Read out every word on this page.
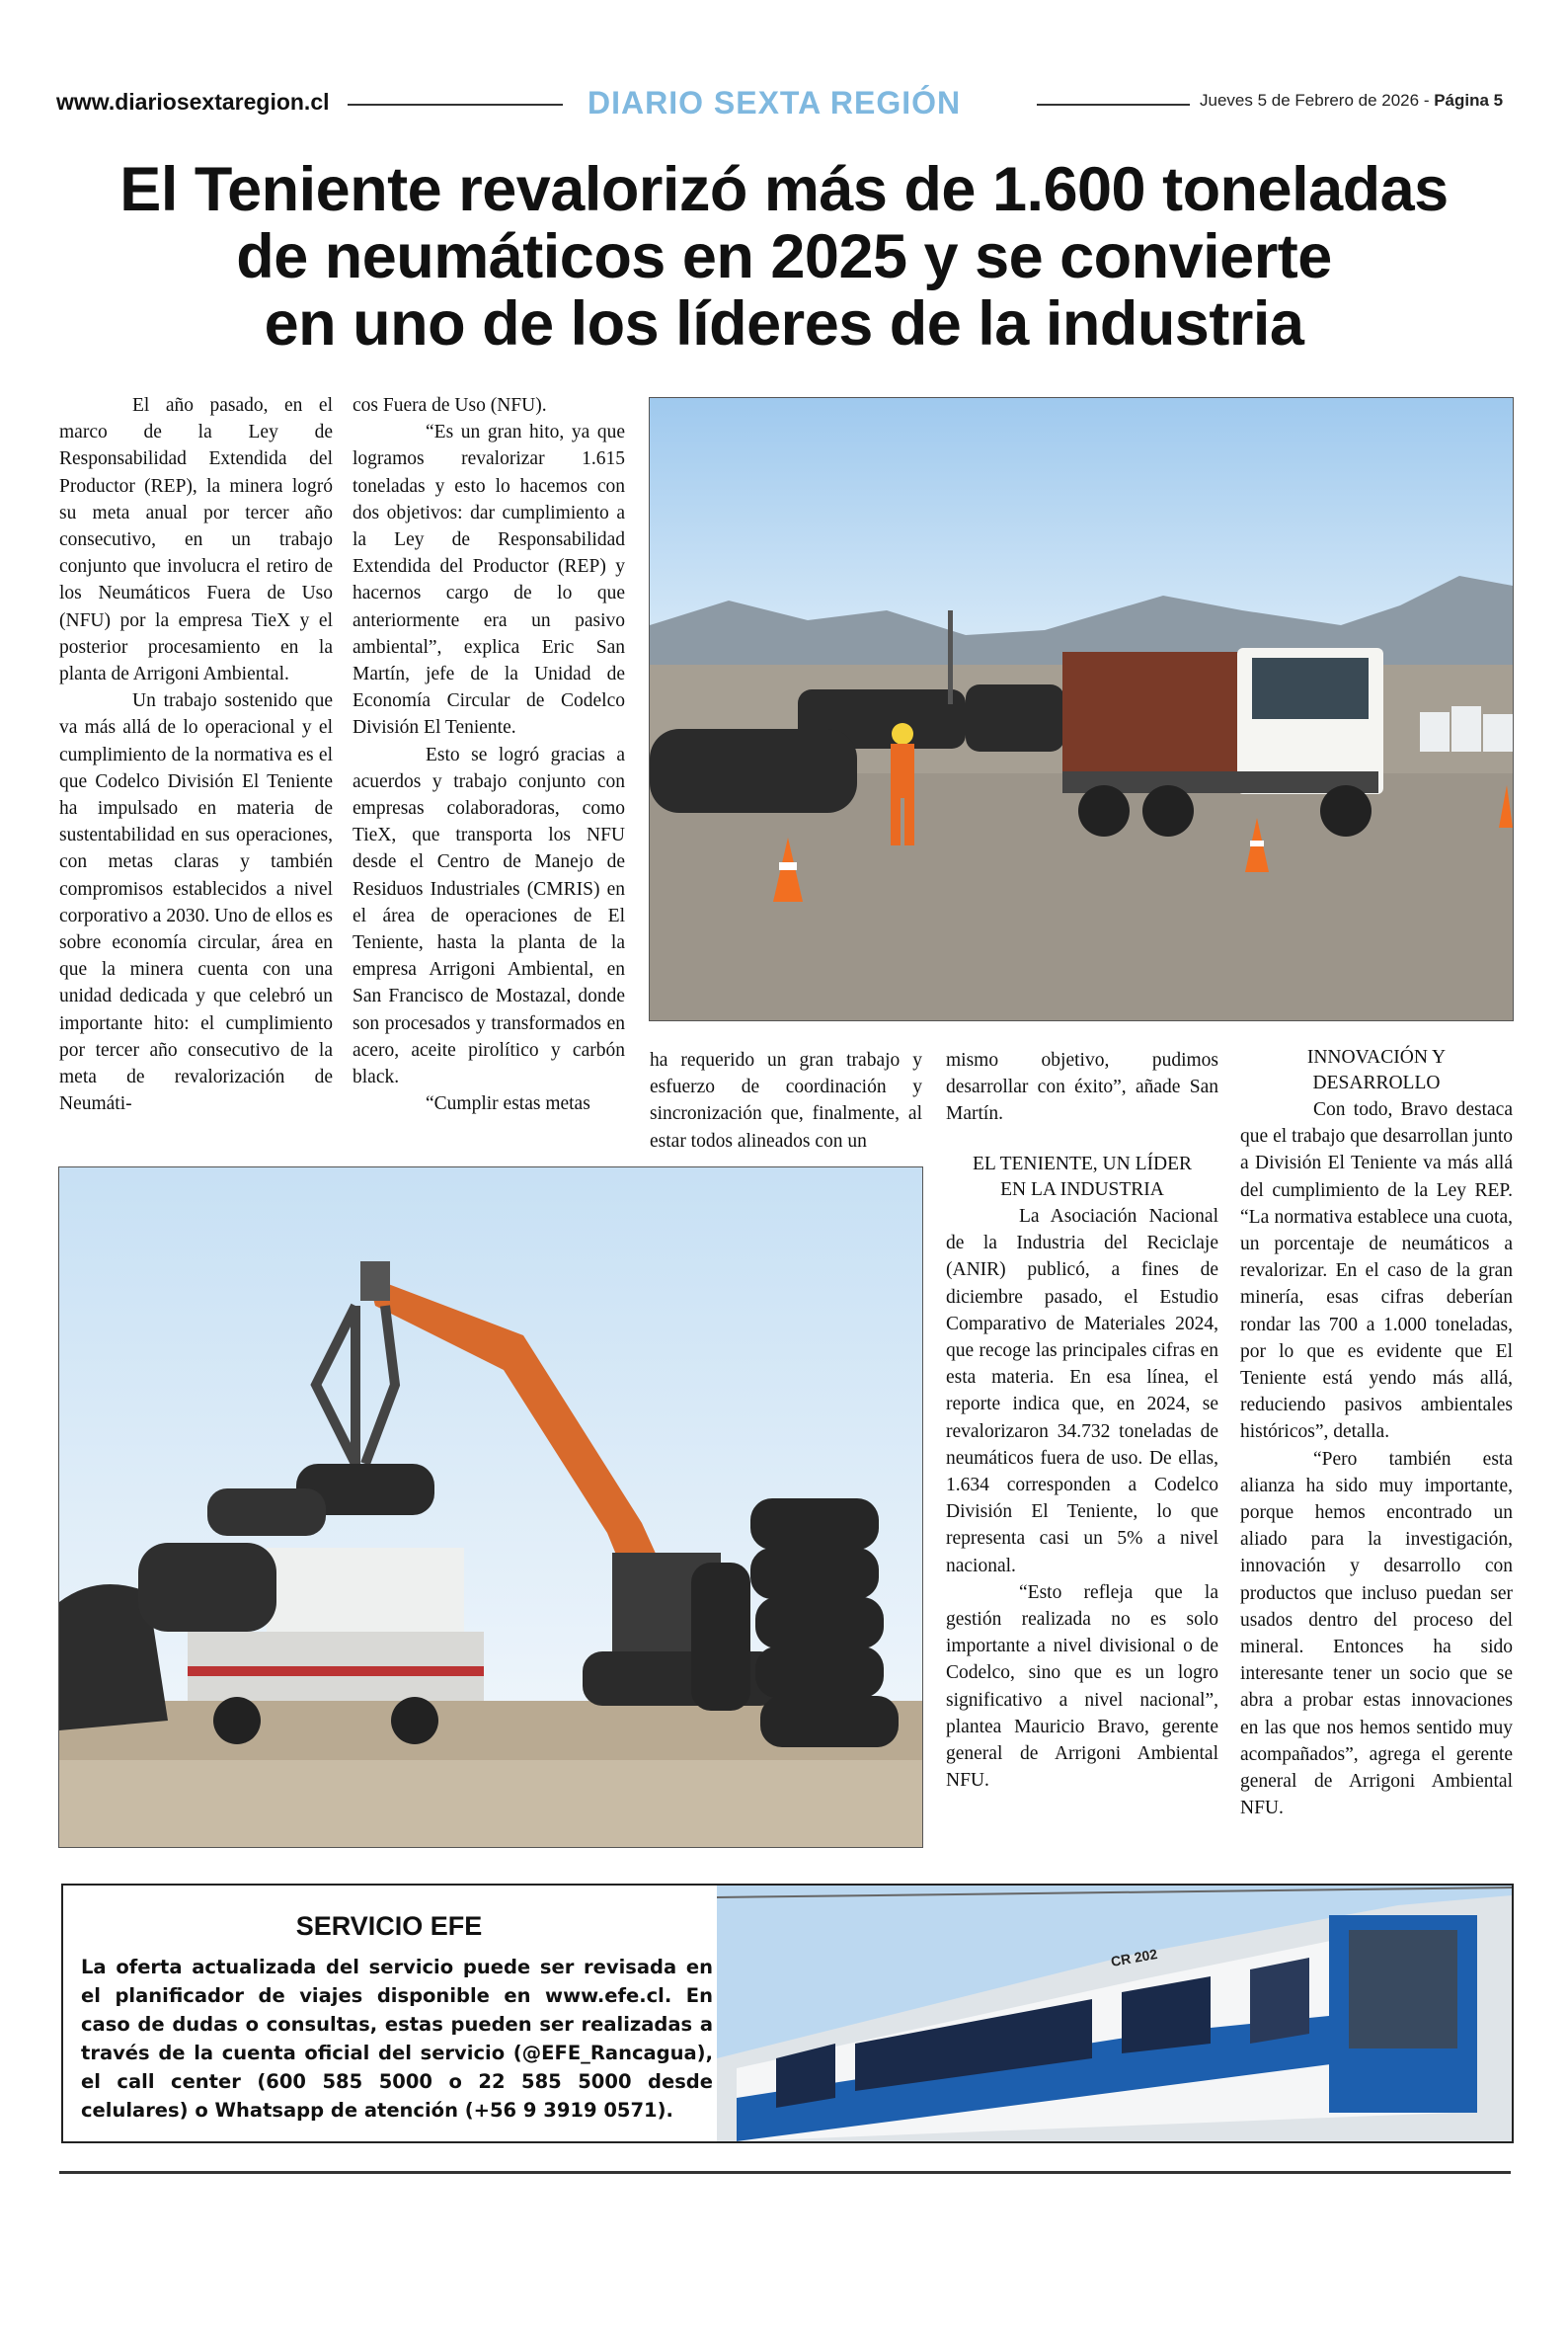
www.diariosextaregion.cl	DIARIO SEXTA REGIÓN	Jueves 5 de Febrero de 2026 - Página 5
El Teniente revalorizó más de 1.600 toneladas
de neumáticos en 2025 y se convierte
en uno de los líderes de la industria

El año pasado, en el marco de la Ley de Responsabilidad Extendida del Productor (REP), la minera logró su meta anual por tercer año consecutivo, en un trabajo conjunto que involucra el retiro de los Neumáticos Fuera de Uso (NFU) por la empresa TieX y el posterior procesamiento en la planta de Arrigoni Ambiental.

Un trabajo sostenido que va más allá de lo operacional y el cumplimiento de la normativa es el que Codelco División El Teniente ha impulsado en materia de sustentabilidad en sus operaciones, con metas claras y también compromisos establecidos a nivel corporativo a 2030. Uno de ellos es sobre economía circular, área en que la minera cuenta con una unidad dedicada y que celebró un importante hito: el cumplimiento por tercer año consecutivo de la meta de revalorización de Neumáti-

cos Fuera de Uso (NFU).

“Es un gran hito, ya que logramos revalorizar 1.615 toneladas y esto lo hacemos con dos objetivos: dar cumplimiento a la Ley de Responsabilidad Extendida del Productor (REP) y hacernos cargo de lo que anteriormente era un pasivo ambiental”, explica Eric San Martín, jefe de la Unidad de Economía Circular de Codelco División El Teniente.

Esto se logró gracias a acuerdos y trabajo conjunto con empresas colaboradoras, como TieX, que transporta los NFU desde el Centro de Manejo de Residuos Industriales (CMRIS) en el área de operaciones de El Teniente, hasta la planta de la empresa Arrigoni Ambiental, en San Francisco de Mostazal, donde son procesados y transformados en acero, aceite pirolítico y carbón black.

“Cumplir estas metas

ha requerido un gran trabajo y esfuerzo de coordinación y sincronización que, finalmente, al estar todos alineados con un

mismo objetivo, pudimos desarrollar con éxito”, añade San Martín.

EL TENIENTE, UN LÍDER
EN LA INDUSTRIA

La Asociación Nacional de la Industria del Reciclaje (ANIR) publicó, a fines de diciembre pasado, el Estudio Comparativo de Materiales 2024, que recoge las principales cifras en esta materia. En esa línea, el reporte indica que, en 2024, se revalorizaron 34.732 toneladas de neumáticos fuera de uso. De ellas, 1.634 corresponden a Codelco División El Teniente, lo que representa casi un 5% a nivel nacional.

“Esto refleja que la gestión realizada no es solo importante a nivel divisional o de Codelco, sino que es un logro significativo a nivel nacional”, plantea Mauricio Bravo, gerente general de Arrigoni Ambiental NFU.

INNOVACIÓN Y
DESARROLLO

Con todo, Bravo destaca que el trabajo que desarrollan junto a División El Teniente va más allá del cumplimiento de la Ley REP. “La normativa establece una cuota, un porcentaje de neumáticos a revalorizar. En el caso de la gran minería, esas cifras deberían rondar las 700 a 1.000 toneladas, por lo que es evidente que El Teniente está yendo más allá, reduciendo pasivos ambientales históricos”, detalla.

“Pero también esta alianza ha sido muy importante, porque hemos encontrado un aliado para la investigación, innovación y desarrollo con productos que incluso puedan ser usados dentro del proceso del mineral. Entonces ha sido interesante tener un socio que se abra a probar estas innovaciones en las que nos hemos sentido muy acompañados”, agrega el gerente general de Arrigoni Ambiental NFU.

SERVICIO EFE
La oferta actualizada del servicio puede ser revisada en el planificador de viajes disponible en www.efe.cl. En caso de dudas o consultas, estas pueden ser realizadas a través de la cuenta oficial del servicio (@EFE_Rancagua), el call center (600 585 5000 o 22 585 5000 desde celulares) o Whatsapp de atención (+56 9 3919 0571).
CR 202
